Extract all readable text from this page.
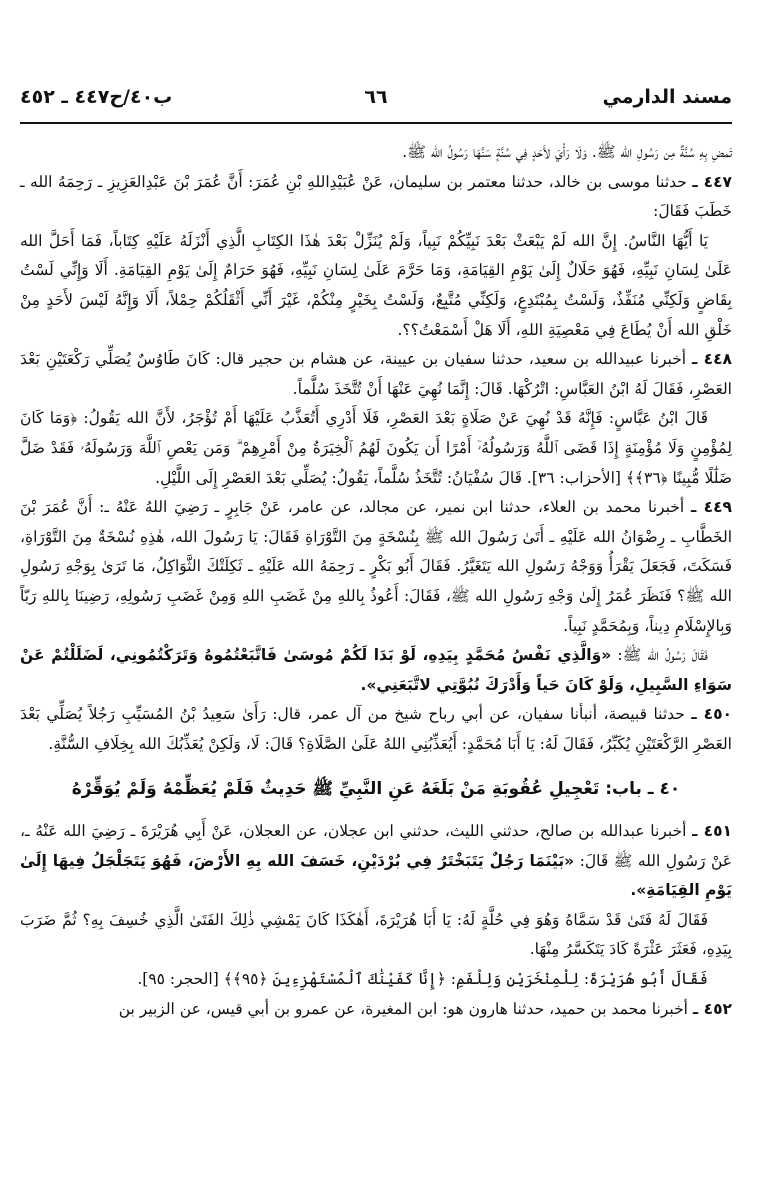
مسند الدارمي
٦٦
ب٤٠/ح٤٤٧ ـ ٤٥٢

تَمضِ بِهِ سُنَّةٌ مِن رَسُولِ الله ﷺ. وَلَا رَأْيَ لأَحَدٍ فِي سُنَّةٍ سَنَّهَا رَسُولُ الله ﷺ.

٤٤٧ ـ حدثنا موسى بن خالد، حدثنا معتمر بن سليمان، عَنْ عُبَيْدِاللهِ بْنِ عُمَرَ: أَنَّ عُمَرَ بْنَ عَبْدِالعَزِيزِ ـ رَحِمَهُ الله ـ خَطَبَ فَقَالَ:

يَا أَيُّهَا النَّاسُ. إِنَّ الله لَمْ يَبْعَثْ بَعْدَ نَبِيِّكُمْ نَبِياً، وَلَمْ يُنَزِّلْ بَعْدَ هٰذَا الكِتَابِ الَّذِي أَنْزَلَهُ عَلَيْهِ كِتَاباً، فَمَا أَحَلَّ الله عَلَىٰ لِسَانِ نَبِيِّهِ، فَهُوَ حَلَالٌ إِلَىٰ يَوْمِ القِيَامَةِ، وَمَا حَرَّمَ عَلَىٰ لِسَانِ نَبِيِّهِ، فَهُوَ حَرَامٌ إِلَىٰ يَوْمِ القِيَامَةِ. أَلَا وَإِنِّي لَسْتُ بِقَاضٍ وَلَكِنِّي مُنَفِّذٌ، وَلَسْتُ بِمُبْتَدِعٍ، وَلَكِنِّي مُتَّبِعٌ، وَلَسْتُ بِخَيْرٍ مِنْكُمْ، غَيْرَ أَنِّي أَثْقَلُكُمْ حِمْلاً، أَلَا وَإِنَّهُ لَيْسَ لأَحَدٍ مِنْ خَلْقِ الله أَنْ يُطَاعَ فِي مَعْصِيَةِ اللهِ، أَلَا هَلْ أَسْمَعْتُ؟؟.

٤٤٨ ـ أخبرنا عبيدالله بن سعيد، حدثنا سفيان بن عيينة، عن هشام بن حجير قال: كَانَ طَاوُسٌ يُصَلِّي رَكْعَتَيْنِ بَعْدَ العَصْرِ، فَقَالَ لَهُ ابْنُ العَبَّاسِ: اتْرُكْهَا. قَالَ: إِنَّمَا نُهِيَ عَنْهَا أَنْ تُتَّخَذَ سُلَّماً.

قَالَ ابْنُ عَبَّاسٍ: فَإِنَّهُ قَدْ نُهِيَ عَنْ صَلَاةٍ بَعْدَ العَصْرِ، فَلَا أَدْرِي أَتُعَذَّبُ عَلَيْهَا أَمْ تُؤْجَرُ، لأَنَّ الله يَقُولُ: ﴿وَمَا كَانَ لِمُؤْمِنٍ وَلَا مُؤْمِنَةٍ إِذَا قَضَى ٱللَّهُ وَرَسُولُهُۥٓ أَمْرًا أَن يَكُونَ لَهُمُ ٱلْخِيَرَةُ مِنْ أَمْرِهِمْ ۗ وَمَن يَعْصِ ٱللَّهَ وَرَسُولَهُۥ فَقَدْ ضَلَّ ضَلَٰلًا مُّبِينًا ﴿٣٦﴾﴾ [الأحزاب: ٣٦]. قَالَ سُفْيَانُ: تُتَّخَذُ سُلَّماً، يَقُولُ: يُصَلِّي بَعْدَ العَصْرِ إِلَى اللَّيْلِ.

٤٤٩ ـ أخبرنا محمد بن العلاء، حدثنا ابن نمير، عن مجالد، عن عامر، عَنْ جَابِرٍ ـ رَضِيَ اللهُ عَنْهُ ـ: أَنَّ عُمَرَ بْنَ الخَطَّابِ ـ رِضْوَانُ الله عَلَيْهِ ـ أَتَىٰ رَسُولَ الله ﷺ بِنُسْخَةٍ مِنَ التَّوْرَاةِ فَقَالَ: يَا رَسُولَ الله، هٰذِهِ نُسْخَةٌ مِنَ التَّوْرَاةِ، فَسَكَتَ، فَجَعَلَ يَقْرَأُ وَوَجْهُ رَسُولِ الله يَتَغَيَّرُ. فَقَالَ أَبُو بَكْرٍ ـ رَحِمَهُ الله عَلَيْهِ ـ ثَكِلَتْكَ الثَّوَاكِلُ، مَا تَرَىٰ بِوَجْهِ رَسُولِ الله ﷺ؟ فَنَظَرَ عُمَرُ إِلَىٰ وَجْهِ رَسُولِ الله ﷺ، فَقَالَ: أَعُوذُ بِاللهِ مِنْ غَضَبِ اللهِ وَمِنْ غَضَبِ رَسُولِهِ، رَضِينَا بِاللهِ رَبّاً وَبِالإِسْلَامِ دِيناً، وَبِمُحَمَّدٍ نَبِياً.

فَقَالَ رَسُولُ الله ﷺ: «وَالَّذِي نَفْسُ مُحَمَّدٍ بِيَدِهِ، لَوْ بَدَا لَكُمْ مُوسَىٰ فَاتَّبَعْتُمُوهُ وَتَرَكْتُمُونِي، لَضَلَلْتُمْ عَنْ سَوَاءِ السَّبِيلِ، وَلَوْ كَانَ حَياً وَأَدْرَكَ نُبُوَّتِي لاتَّبَعَنِي».

٤٥٠ ـ حدثنا قبيصة، أنبأنا سفيان، عن أبي رباح شيخ من آل عمر، قال: رَأَىٰ سَعِيدُ بْنُ المُسَيِّبِ رَجُلاً يُصَلِّي بَعْدَ العَصْرِ الرَّكْعَتَيْنِ يُكَبِّرُ، فَقَالَ لَهُ: يَا أَبَا مُحَمَّدٍ: أَيُعَذِّبُنِي اللهُ عَلَىٰ الصَّلَاةِ؟ قَالَ: لَا، وَلَكِنْ يُعَذِّبُكَ الله بِخِلَافِ السُّنَّةِ.

٤٠ ـ باب: تَعْجِيلِ عُقُوبَةِ مَنْ بَلَغَهُ عَنِ النَّبِيِّ ﷺ حَدِيثٌ فَلَمْ يُعَظِّمْهُ وَلَمْ يُوَقِّرْهُ

٤٥١ ـ أخبرنا عبدالله بن صالح، حدثني الليث، حدثني ابن عجلان، عن العجلان، عَنْ أَبِي هُرَيْرَةَ ـ رَضِيَ الله عَنْهُ ـ، عَنْ رَسُولِ الله ﷺ قَالَ: «بَيْنَمَا رَجُلٌ يَتَبَخْتَرُ فِي بُرْدَيْنِ، خَسَفَ الله بِهِ الأَرْضَ، فَهُوَ يَتَجَلْجَلُ فِيهَا إِلَىٰ يَوْمِ القِيَامَةِ».

فَقَالَ لَهُ فَتَىٰ قَدْ سَمَّاهُ وَهُوَ فِي حُلَّةٍ لَهُ: يَا أَبَا هُرَيْرَةَ، أَهٰكَذَا كَانَ يَمْشِي ذٰلِكَ الفَتَىٰ الَّذِي خُسِفَ بِهِ؟ ثُمَّ ضَرَبَ بِيَدِهِ، فَعَثَرَ عَثْرَةً كَادَ يَتَكَسَّرُ مِنْهَا.

فَقَالَ أَبُو هُرَيْرَةَ: لِلْمِنْخَرَيْنِ وَلِلْفَمِ: ﴿إِنَّا كَفَيْنَٰكَ ٱلْمُسْتَهْزِءِينَ ﴿٩٥﴾﴾ [الحجر: ٩٥].

٤٥٢ ـ أخبرنا محمد بن حميد، حدثنا هارون هو: ابن المغيرة، عن عمرو بن أبي قيس، عن الزبير بن
